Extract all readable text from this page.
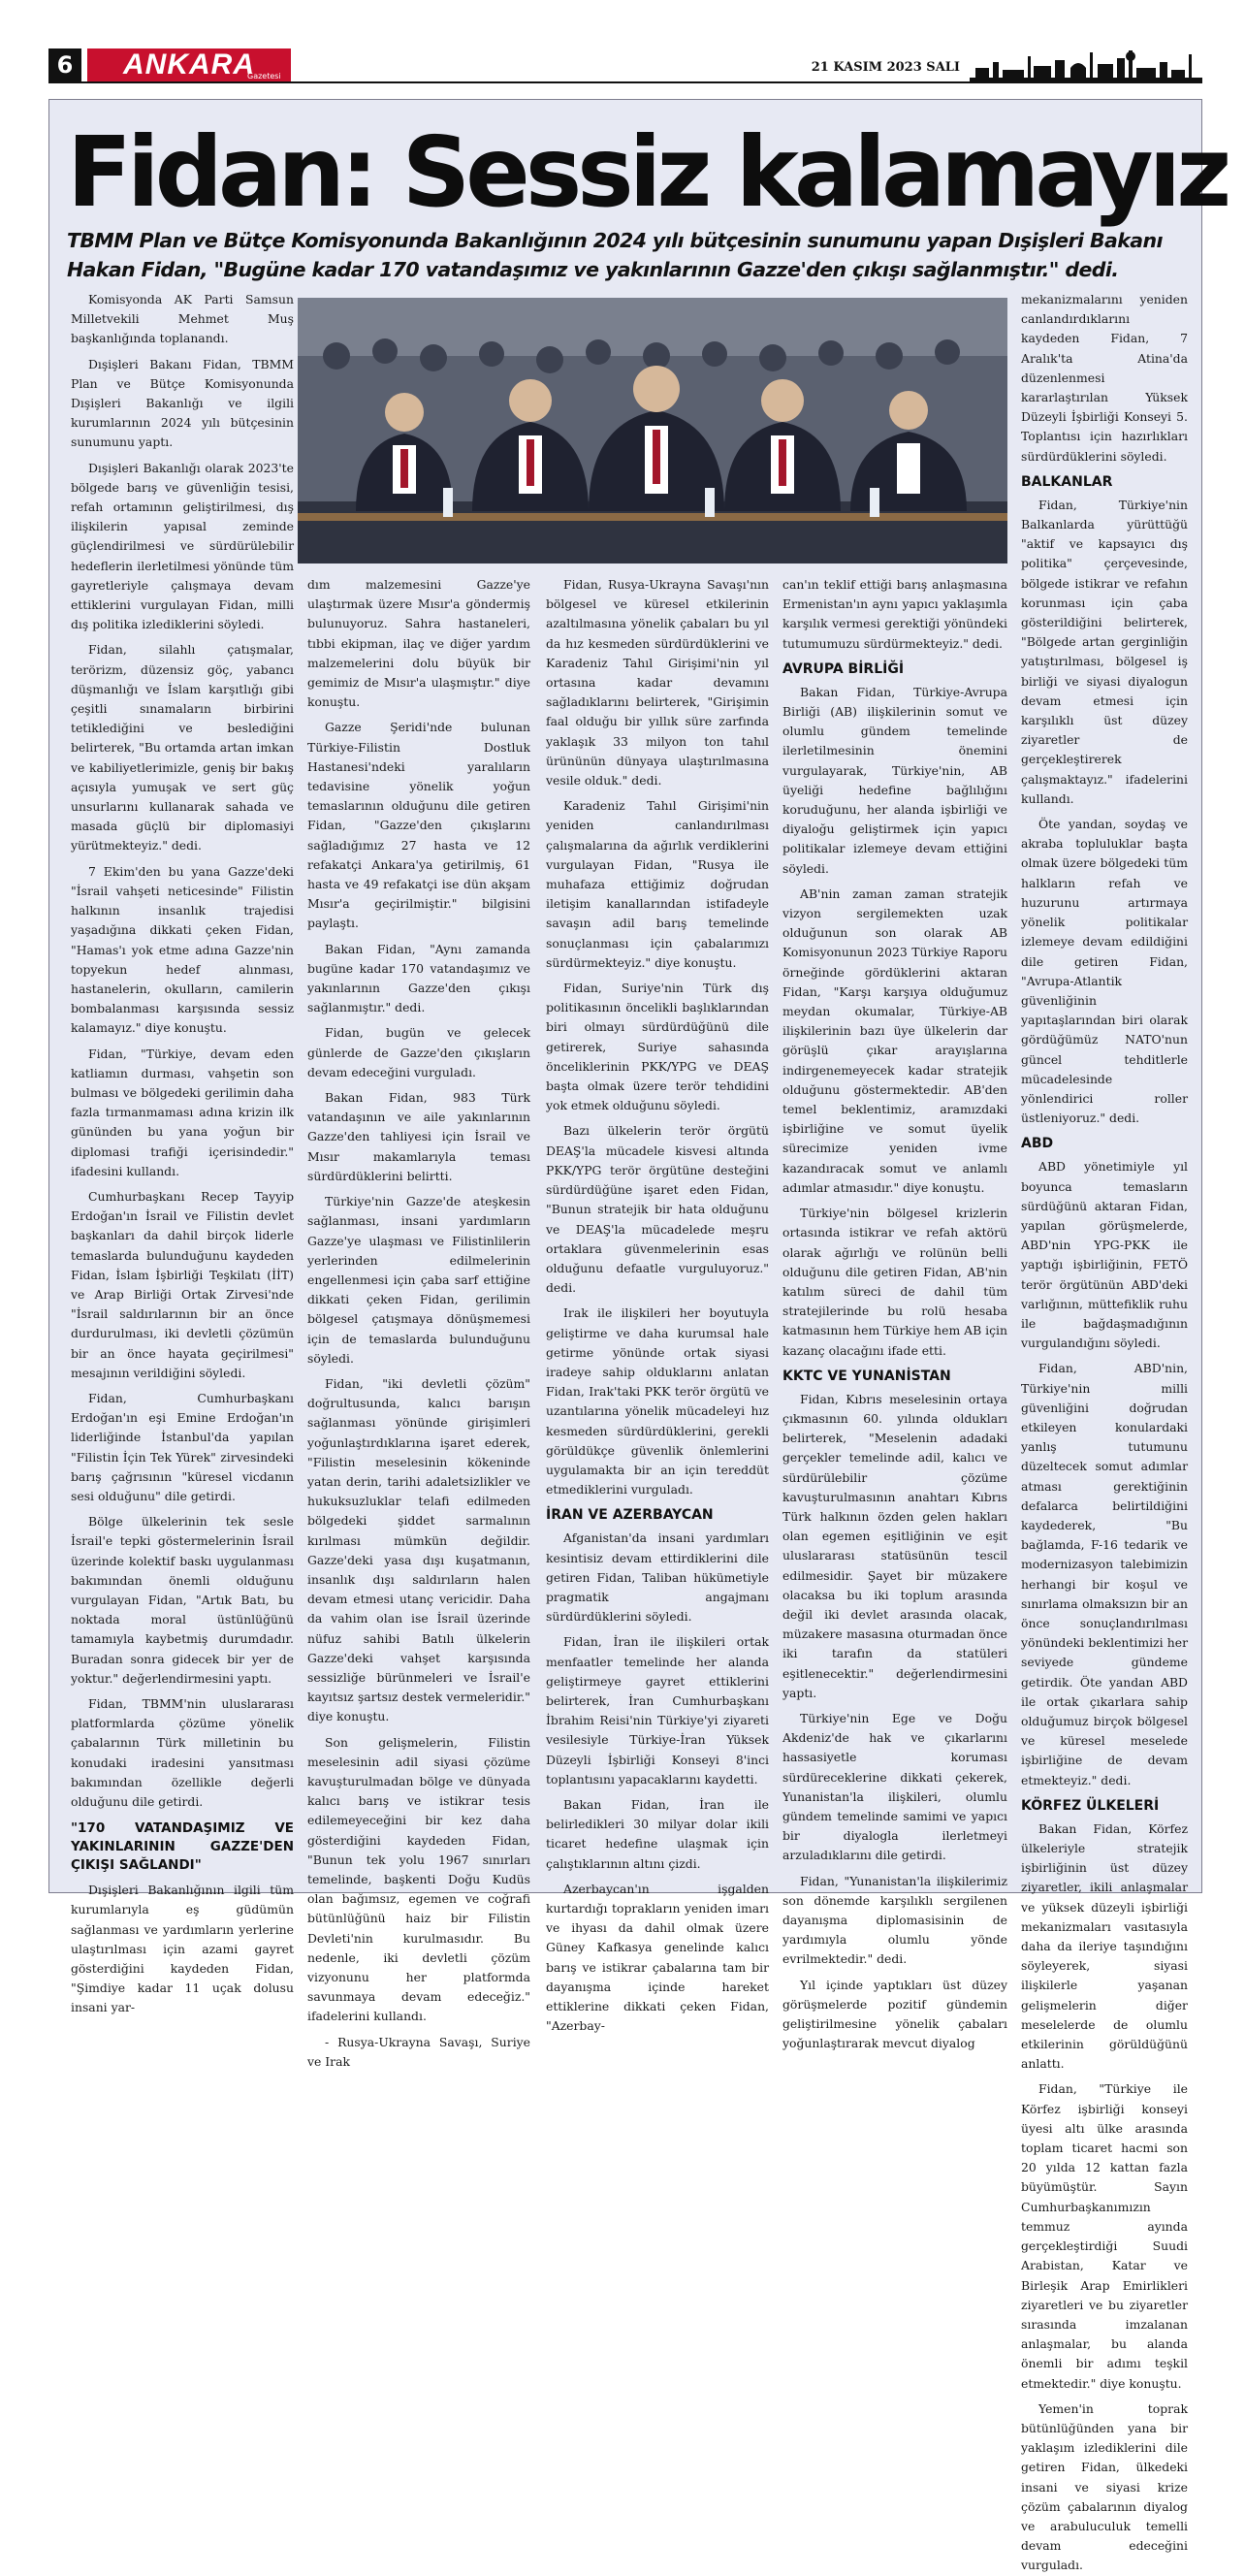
6	ANKARA
Gazetesi
21 KASIM 2023 SALI
Fidan: Sessiz kalamayız

TBMM Plan ve Bütçe Komisyonunda Bakanlığının 2024 yılı bütçesinin sunumunu yapan Dışişleri Bakanı Hakan Fidan, "Bugüne kadar 170 vatandaşımız ve yakınlarının Gazze'den çıkışı sağlanmıştır." dedi.

Komisyonda AK Parti Samsun Milletvekili Mehmet Muş başkanlığında toplanandı.

Dışişleri Bakanı Fidan, TBMM Plan ve Bütçe Komisyonunda Dışişleri Bakanlığı ve ilgili kurumlarının 2024 yılı bütçesinin sunumunu yaptı.

Dışişleri Bakanlığı olarak 2023'te bölgede barış ve güvenliğin tesisi, refah ortamının geliştirilmesi, dış ilişkilerin yapısal zeminde güçlendirilmesi ve sürdürülebilir hedeflerin ilerletilmesi yönünde tüm gayretleriyle çalışmaya devam ettiklerini vurgulayan Fidan, milli dış politika izlediklerini söyledi.

Fidan, silahlı çatışmalar, terörizm, düzensiz göç, yabancı düşmanlığı ve İslam karşıtlığı gibi çeşitli sınamaların birbirini tetiklediğini ve beslediğini belirterek, "Bu ortamda artan imkan ve kabiliyetlerimizle, geniş bir bakış açısıyla yumuşak ve sert güç unsurlarını kullanarak sahada ve masada güçlü bir diplomasiyi yürütmekteyiz." dedi.

7 Ekim'den bu yana Gazze'deki "İsrail vahşeti neticesinde" Filistin halkının insanlık trajedisi yaşadığına dikkati çeken Fidan, "Hamas'ı yok etme adına Gazze'nin topyekun hedef alınması, hastanelerin, okulların, camilerin bombalanması karşısında sessiz kalamayız." diye konuştu.

Fidan, "Türkiye, devam eden katliamın durması, vahşetin son bulması ve bölgedeki gerilimin daha fazla tırmanmaması adına krizin ilk gününden bu yana yoğun bir diplomasi trafiği içerisindedir." ifadesini kullandı.

Cumhurbaşkanı Recep Tayyip Erdoğan'ın İsrail ve Filistin devlet başkanları da dahil birçok liderle temaslarda bulunduğunu kaydeden Fidan, İslam İşbirliği Teşkilatı (İİT) ve Arap Birliği Ortak Zirvesi'nde "İsrail saldırılarının bir an önce durdurulması, iki devletli çözümün bir an önce hayata geçirilmesi" mesajının verildiğini söyledi.

Fidan, Cumhurbaşkanı Erdoğan'ın eşi Emine Erdoğan'ın liderliğinde İstanbul'da yapılan "Filistin İçin Tek Yürek" zirvesindeki barış çağrısının "küresel vicdanın sesi olduğunu" dile getirdi.

Bölge ülkelerinin tek sesle İsrail'e tepki göstermelerinin İsrail üzerinde kolektif baskı uygulanması bakımından önemli olduğunu vurgulayan Fidan, "Artık Batı, bu noktada moral üstünlüğünü tamamıyla kaybetmiş durumdadır. Buradan sonra gidecek bir yer de yoktur." değerlendirmesini yaptı.

Fidan, TBMM'nin uluslararası platformlarda çözüme yönelik çabalarının Türk milletinin bu konudaki iradesini yansıtması bakımından özellikle değerli olduğunu dile getirdi.

"170 VATANDAŞIMIZ VE YAKINLARININ GAZZE'DEN ÇIKIŞI SAĞLANDI"

Dışişleri Bakanlığının ilgili tüm kurumlarıyla eş güdümün sağlanması ve yardımların yerlerine ulaştırılması için azami gayret gösterdiğini kaydeden Fidan, "Şimdiye kadar 11 uçak dolusu insani yar-

dım malzemesini Gazze'ye ulaştırmak üzere Mısır'a göndermiş bulunuyoruz. Sahra hastaneleri, tıbbi ekipman, ilaç ve diğer yardım malzemelerini dolu büyük bir gemimiz de Mısır'a ulaşmıştır." diye konuştu.

Gazze Şeridi'nde bulunan Türkiye-Filistin Dostluk Hastanesi'ndeki yaralıların tedavisine yönelik yoğun temaslarının olduğunu dile getiren Fidan, "Gazze'den çıkışlarını sağladığımız 27 hasta ve 12 refakatçi Ankara'ya getirilmiş, 61 hasta ve 49 refakatçi ise dün akşam Mısır'a geçirilmiştir." bilgisini paylaştı.

Bakan Fidan, "Aynı zamanda bugüne kadar 170 vatandaşımız ve yakınlarının Gazze'den çıkışı sağlanmıştır." dedi.

Fidan, bugün ve gelecek günlerde de Gazze'den çıkışların devam edeceğini vurguladı.

Bakan Fidan, 983 Türk vatandaşının ve aile yakınlarının Gazze'den tahliyesi için İsrail ve Mısır makamlarıyla teması sürdürdüklerini belirtti.

Türkiye'nin Gazze'de ateşkesin sağlanması, insani yardımların Gazze'ye ulaşması ve Filistinlilerin yerlerinden edilmelerinin engellenmesi için çaba sarf ettiğine dikkati çeken Fidan, gerilimin bölgesel çatışmaya dönüşmemesi için de temaslarda bulunduğunu söyledi.

Fidan, "iki devletli çözüm" doğrultusunda, kalıcı barışın sağlanması yönünde girişimleri yoğunlaştırdıklarına işaret ederek, "Filistin meselesinin kökeninde yatan derin, tarihi adaletsizlikler ve hukuksuzluklar telafi edilmeden bölgedeki şiddet sarmalının kırılması mümkün değildir. Gazze'deki yasa dışı kuşatmanın, insanlık dışı saldırıların halen devam etmesi utanç vericidir. Daha da vahim olan ise İsrail üzerinde nüfuz sahibi Batılı ülkelerin Gazze'deki vahşet karşısında sessizliğe bürünmeleri ve İsrail'e kayıtsız şartsız destek vermeleridir." diye konuştu.

Son gelişmelerin, Filistin meselesinin adil siyasi çözüme kavuşturulmadan bölge ve dünyada kalıcı barış ve istikrar tesis edilemeyeceğini bir kez daha gösterdiğini kaydeden Fidan, "Bunun tek yolu 1967 sınırları temelinde, başkenti Doğu Kudüs olan bağımsız, egemen ve coğrafi bütünlüğünü haiz bir Filistin Devleti'nin kurulmasıdır. Bu nedenle, iki devletli çözüm vizyonunu her platformda savunmaya devam edeceğiz." ifadelerini kullandı.

- Rusya-Ukrayna Savaşı, Suriye ve Irak

Fidan, Rusya-Ukrayna Savaşı'nın bölgesel ve küresel etkilerinin azaltılmasına yönelik çabaları bu yıl da hız kesmeden sürdürdüklerini ve Karadeniz Tahıl Girişimi'nin yıl ortasına kadar devamını sağladıklarını belirterek, "Girişimin faal olduğu bir yıllık süre zarfında yaklaşık 33 milyon ton tahıl ürününün dünyaya ulaştırılmasına vesile olduk." dedi.

Karadeniz Tahıl Girişimi'nin yeniden canlandırılması çalışmalarına da ağırlık verdiklerini vurgulayan Fidan, "Rusya ile muhafaza ettiğimiz doğrudan iletişim kanallarından istifadeyle savaşın adil barış temelinde sonuçlanması için çabalarımızı sürdürmekteyiz." diye konuştu.

Fidan, Suriye'nin Türk dış politikasının öncelikli başlıklarından biri olmayı sürdürdüğünü dile getirerek, Suriye sahasında önceliklerinin PKK/YPG ve DEAŞ başta olmak üzere terör tehdidini yok etmek olduğunu söyledi.

Bazı ülkelerin terör örgütü DEAŞ'la mücadele kisvesi altında PKK/YPG terör örgütüne desteğini sürdürdüğüne işaret eden Fidan, "Bunun stratejik bir hata olduğunu ve DEAŞ'la mücadelede meşru ortaklara güvenmelerinin esas olduğunu defaatle vurguluyoruz." dedi.

Irak ile ilişkileri her boyutuyla geliştirme ve daha kurumsal hale getirme yönünde ortak siyasi iradeye sahip olduklarını anlatan Fidan, Irak'taki PKK terör örgütü ve uzantılarına yönelik mücadeleyi hız kesmeden sürdürdüklerini, gerekli görüldükçe güvenlik önlemlerini uygulamakta bir an için tereddüt etmediklerini vurguladı.

İRAN VE AZERBAYCAN

Afganistan'da insani yardımları kesintisiz devam ettirdiklerini dile getiren Fidan, Taliban hükümetiyle pragmatik angajmanı sürdürdüklerini söyledi.

Fidan, İran ile ilişkileri ortak menfaatler temelinde her alanda geliştirmeye gayret ettiklerini belirterek, İran Cumhurbaşkanı İbrahim Reisi'nin Türkiye'yi ziyareti vesilesiyle Türkiye-İran Yüksek Düzeyli İşbirliği Konseyi 8'inci toplantısını yapacaklarını kaydetti.

Bakan Fidan, İran ile belirledikleri 30 milyar dolar ikili ticaret hedefine ulaşmak için çalıştıklarının altını çizdi.

Azerbaycan'ın işgalden kurtardığı toprakların yeniden imarı ve ihyası da dahil olmak üzere Güney Kafkasya genelinde kalıcı barış ve istikrar çabalarına tam bir dayanışma içinde hareket ettiklerine dikkati çeken Fidan, "Azerbay-

can'ın teklif ettiği barış anlaşmasına Ermenistan'ın aynı yapıcı yaklaşımla karşılık vermesi gerektiği yönündeki tutumumuzu sürdürmekteyiz." dedi.

AVRUPA BİRLİĞİ

Bakan Fidan, Türkiye-Avrupa Birliği (AB) ilişkilerinin somut ve olumlu gündem temelinde ilerletilmesinin önemini vurgulayarak, Türkiye'nin, AB üyeliği hedefine bağlılığını koruduğunu, her alanda işbirliği ve diyaloğu geliştirmek için yapıcı politikalar izlemeye devam ettiğini söyledi.

AB'nin zaman zaman stratejik vizyon sergilemekten uzak olduğunun son olarak AB Komisyonunun 2023 Türkiye Raporu örneğinde gördüklerini aktaran Fidan, "Karşı karşıya olduğumuz meydan okumalar, Türkiye-AB ilişkilerinin bazı üye ülkelerin dar görüşlü çıkar arayışlarına indirgenemeyecek kadar stratejik olduğunu göstermektedir. AB'den temel beklentimiz, aramızdaki işbirliğine ve somut üyelik sürecimize yeniden ivme kazandıracak somut ve anlamlı adımlar atmasıdır." diye konuştu.

Türkiye'nin bölgesel krizlerin ortasında istikrar ve refah aktörü olarak ağırlığı ve rolünün belli olduğunu dile getiren Fidan, AB'nin katılım süreci de dahil tüm stratejilerinde bu rolü hesaba katmasının hem Türkiye hem AB için kazanç olacağını ifade etti.

KKTC VE YUNANİSTAN

Fidan, Kıbrıs meselesinin ortaya çıkmasının 60. yılında oldukları belirterek, "Meselenin adadaki gerçekler temelinde adil, kalıcı ve sürdürülebilir çözüme kavuşturulmasının anahtarı Kıbrıs Türk halkının özden gelen hakları olan egemen eşitliğinin ve eşit uluslararası statüsünün tescil edilmesidir. Şayet bir müzakere olacaksa bu iki toplum arasında değil iki devlet arasında olacak, müzakere masasına oturmadan önce iki tarafın da statüleri eşitlenecektir." değerlendirmesini yaptı.

Türkiye'nin Ege ve Doğu Akdeniz'de hak ve çıkarlarını hassasiyetle koruması sürdüreceklerine dikkati çekerek, Yunanistan'la ilişkileri, olumlu gündem temelinde samimi ve yapıcı bir diyalogla ilerletmeyi arzuladıklarını dile getirdi.

Fidan, "Yunanistan'la ilişkilerimiz son dönemde karşılıklı sergilenen dayanışma diplomasisinin de yardımıyla olumlu yönde evrilmektedir." dedi.

Yıl içinde yaptıkları üst düzey görüşmelerde pozitif gündemin geliştirilmesine yönelik çabaları yoğunlaştırarak mevcut diyalog

mekanizmalarını yeniden canlandırdıklarını kaydeden Fidan, 7 Aralık'ta Atina'da düzenlenmesi kararlaştırılan Yüksek Düzeyli İşbirliği Konseyi 5. Toplantısı için hazırlıkları sürdürdüklerini söyledi.

BALKANLAR

Fidan, Türkiye'nin Balkanlarda yürüttüğü "aktif ve kapsayıcı dış politika" çerçevesinde, bölgede istikrar ve refahın korunması için çaba gösterildiğini belirterek, "Bölgede artan gerginliğin yatıştırılması, bölgesel iş birliği ve siyasi diyalogun devam etmesi için karşılıklı üst düzey ziyaretler de gerçekleştirerek çalışmaktayız." ifadelerini kullandı.

Öte yandan, soydaş ve akraba topluluklar başta olmak üzere bölgedeki tüm halkların refah ve huzurunu artırmaya yönelik politikalar izlemeye devam edildiğini dile getiren Fidan, "Avrupa-Atlantik güvenliğinin yapıtaşlarından biri olarak gördüğümüz NATO'nun güncel tehditlerle mücadelesinde yönlendirici roller üstleniyoruz." dedi.

ABD

ABD yönetimiyle yıl boyunca temasların sürdüğünü aktaran Fidan, yapılan görüşmelerde, ABD'nin YPG-PKK ile yaptığı işbirliğinin, FETÖ terör örgütünün ABD'deki varlığının, müttefiklik ruhu ile bağdaşmadığının vurgulandığını söyledi.

Fidan, ABD'nin, Türkiye'nin milli güvenliğini doğrudan etkileyen konulardaki yanlış tutumunu düzeltecek somut adımlar atması gerektiğinin defalarca belirtildiğini kaydederek, "Bu bağlamda, F-16 tedarik ve modernizasyon talebimizin herhangi bir koşul ve sınırlama olmaksızın bir an önce sonuçlandırılması yönündeki beklentimizi her seviyede gündeme getirdik. Öte yandan ABD ile ortak çıkarlara sahip olduğumuz birçok bölgesel ve küresel meselede işbirliğine de devam etmekteyiz." dedi.

KÖRFEZ ÜLKELERİ

Bakan Fidan, Körfez ülkeleriyle stratejik işbirliğinin üst düzey ziyaretler, ikili anlaşmalar ve yüksek düzeyli işbirliği mekanizmaları vasıtasıyla daha da ileriye taşındığını söyleyerek, siyasi ilişkilerle yaşanan gelişmelerin diğer meselelerde de olumlu etkilerinin görüldüğünü anlattı.

Fidan, "Türkiye ile Körfez işbirliği konseyi üyesi altı ülke arasında toplam ticaret hacmi son 20 yılda 12 kattan fazla büyümüştür. Sayın Cumhurbaşkanımızın temmuz ayında gerçekleştirdiği Suudi Arabistan, Katar ve Birleşik Arap Emirlikleri ziyaretleri ve bu ziyaretler sırasında imzalanan anlaşmalar, bu alanda önemli bir adımı teşkil etmektedir." diye konuştu.

Yemen'in toprak bütünlüğünden yana bir yaklaşım izlediklerini dile getiren Fidan, ülkedeki insani ve siyasi krize çözüm çabalarının diyalog ve arabuluculuk temelli devam edeceğini vurguladı.
